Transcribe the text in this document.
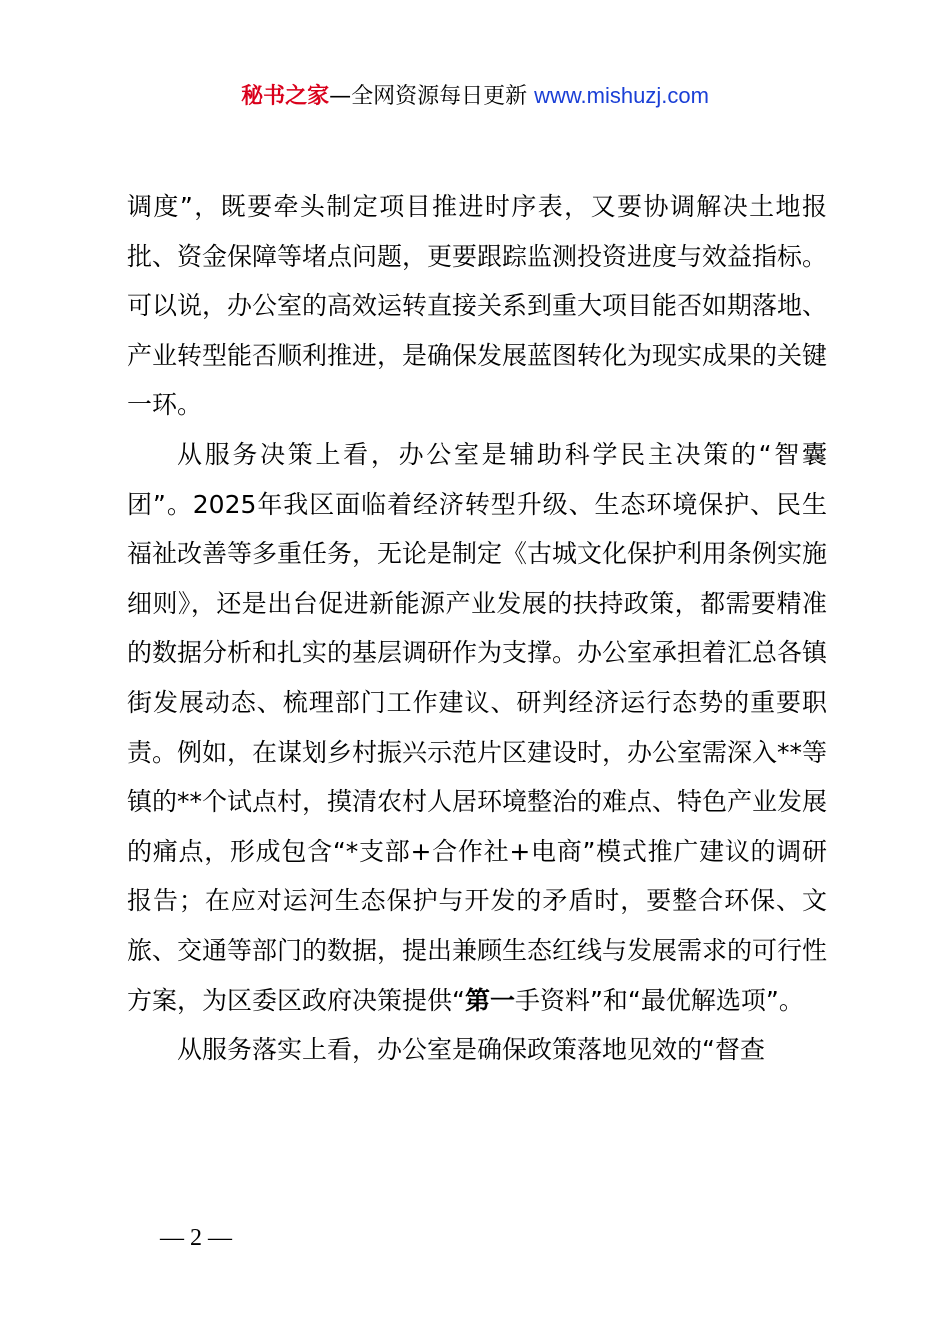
秘书之家—全网资源每日更新 www.mishuzj.com

调度”，既要牵头制定项目推进时序表，又要协调解决土地报批、资金保障等堵点问题，更要跟踪监测投资进度与效益指标。可以说，办公室的高效运转直接关系到重大项目能否如期落地、产业转型能否顺利推进，是确保发展蓝图转化为现实成果的关键一环。

从服务决策上看，办公室是辅助科学民主决策的“智囊团”。2025年我区面临着经济转型升级、生态环境保护、民生福祉改善等多重任务，无论是制定《古城文化保护利用条例实施细则》，还是出台促进新能源产业发展的扶持政策，都需要精准的数据分析和扎实的基层调研作为支撑。办公室承担着汇总各镇街发展动态、梳理部门工作建议、研判经济运行态势的重要职责。例如，在谋划乡村振兴示范片区建设时，办公室需深入**等镇的**个试点村，摸清农村人居环境整治的难点、特色产业发展的痛点，形成包含“*支部+合作社+电商”模式推广建议的调研报告；在应对运河生态保护与开发的矛盾时，要整合环保、文旅、交通等部门的数据，提出兼顾生态红线与发展需求的可行性方案，为区委区政府决策提供“第一手资料”和“最优解选项”。

从服务落实上看，办公室是确保政策落地见效的“督查

— 2 —
